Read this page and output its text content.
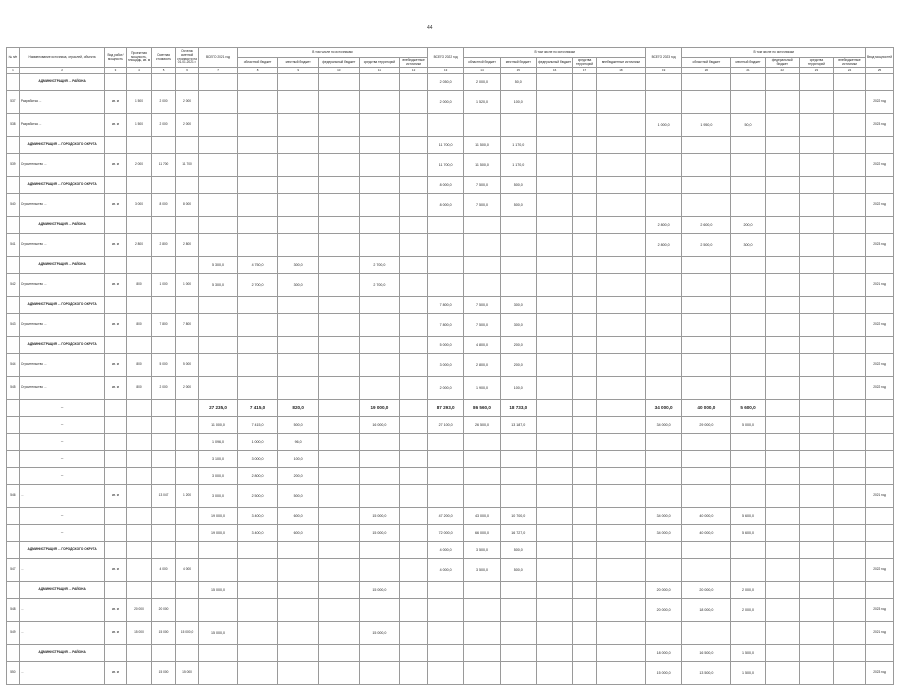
44
№ п/п	Наименование источника, отраслей, объекта	Вид работ/мощность	Проектная мощность, площадь, кв. м	Сметная стоимость	Остаток сметной стоимости на 01.01.2021 г.	ВСЕГО 2021 год	В том числе по источникам					ВСЕГО 2022 год	В том числе по источникам					ВСЕГО 2023 год	В том числе по источникам					Ввод мощностей
							областной бюджет	местный бюджет	федеральный бюджет	средства территорий	внебюджетные источники		областной бюджет	местный бюджет	федеральный бюджет	средства территорий	внебюджетные источники		областной бюджет	местный бюджет	федеральный бюджет	средства территорий	внебюджетные источники	
1	2	3	4	5	6	7	8	9	10	11	12	13	14	15	16	17	18	19	20	21	22	23	24	25
	АДМИНИСТРАЦИЯ ... РАЙОНА											2 050,0	2 000,0	50,0										
537	Разработка ...	кв. м	1 500	2 000	2 000							2 000,0	1 520,0	100,0										2022 год
538	Разработка ...	кв. м	1 500	2 000	2 000													1 000,0	1 950,0	50,0				2023 год
	АДМИНИСТРАЦИЯ ... ГОРОДСКОГО ОКРУГА											11 700,0	11 500,0	1 170,0										
539	Строительство ...	кв. м	2 000	11 700	11 700							11 700,0	11 500,0	1 170,0										2022 год
	АДМИНИСТРАЦИЯ ... ГОРОДСКОГО ОКРУГА											8 000,0	7 500,0	500,0										
540	Строительство ...	кв. м	3 000	8 000	8 000							8 000,0	7 500,0	500,0										2022 год
	АДМИНИСТРАЦИЯ ... РАЙОНА																	2 800,0	2 600,0	200,0				
541	Строительство ...	кв. м	2 800	2 800	2 800													2 800,0	2 500,0	300,0				2023 год
	АДМИНИСТРАЦИЯ ... РАЙОНА					5 300,0	4 750,0	300,0		2 700,0														
542	Строительство ...	кв. м	800	1 000	1 000	5 300,0	2 700,0	300,0		2 700,0														2021 год
	АДМИНИСТРАЦИЯ ... ГОРОДСКОГО ОКРУГА											7 800,0	7 500,0	300,0										
543	Строительство ...	кв. м	800	7 800	7 800							7 800,0	7 500,0	300,0										2022 год
	АДМИНИСТРАЦИЯ ... ГОРОДСКОГО ОКРУГА											5 000,0	4 800,0	200,0										
544	Строительство ...	кв. м	800	5 000	5 000							3 000,0	2 800,0	200,0										2022 год
545	Строительство ...	кв. м	800	2 000	2 000							2 000,0	1 900,0	100,0										2022 год
	...					27 235,0	7 415,0	820,0		19 000,0		87 293,0	86 560,0	18 733,0				34 000,0	40 000,0	5 600,0				
	...					11 000,0	7 415,0	500,0		16 000,0		27 100,0	26 500,0	13 187,0				34 000,0	29 000,0	5 000,0				
	...					1 096,0	1 000,0	96,0																
	...					3 100,0	3 000,0	100,0																
	...					3 000,0	2 800,0	200,0																
546	...	кв. м		13 047	1 200	3 000,0	2 500,0	500,0																2021 год
	...					19 000,0	3 400,0	600,0		15 000,0		47 200,0	43 000,0	10 700,0				34 000,0	40 000,0	5 600,0				
	...					19 000,0	3 400,0	600,0		15 000,0		72 000,0	66 000,0	16 727,0				34 000,0	40 000,0	5 600,0				
	АДМИНИСТРАЦИЯ ... ГОРОДСКОГО ОКРУГА											4 000,0	3 500,0	500,0										
547	...	кв. м		4 000	4 000							4 000,0	3 500,0	500,0										2022 год
	АДМИНИСТРАЦИЯ ... РАЙОНА					15 000,0				15 000,0								20 000,0	20 000,0	2 000,0				
548	...	кв. м	20 000	20 000														20 000,0	18 000,0	2 000,0				2023 год
549	...	кв. м	15 000	15 000	15 000,0	15 000,0				15 000,0														2021 год
	АДМИНИСТРАЦИЯ ... РАЙОНА																	18 000,0	16 500,0	1 500,0				
550	...	кв. м		15 000	15 000													15 000,0	13 500,0	1 500,0				2023 год
